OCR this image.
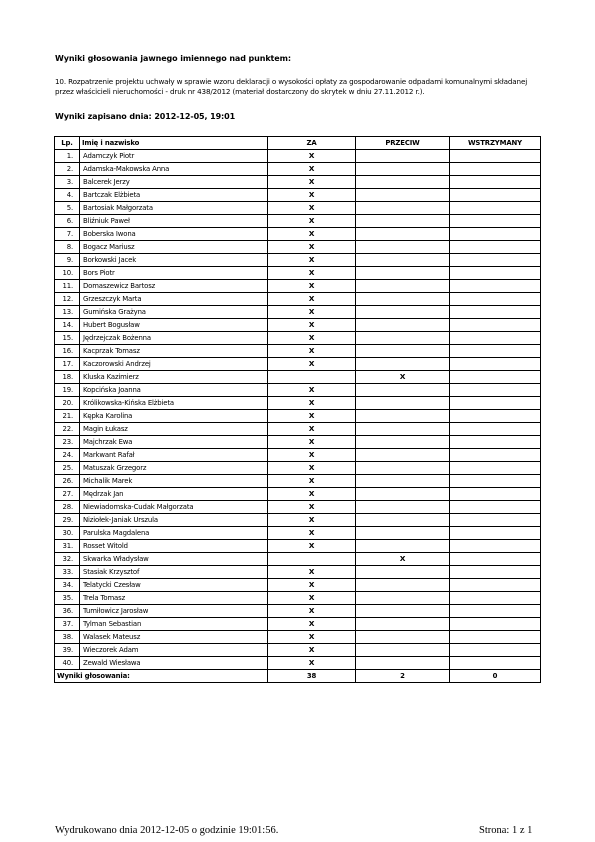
Wyniki głosowania jawnego imiennego nad punktem:
10. Rozpatrzenie projektu uchwały w sprawie wzoru deklaracji o wysokości opłaty za gospodarowanie odpadami komunalnymi składanej przez właścicieli nieruchomości - druk nr 438/2012 (materiał dostarczony do skrytek w dniu 27.11.2012 r.).
Wyniki zapisano dnia: 2012-12-05, 19:01
Lp.	Imię i nazwisko	ZA	PRZECIW	WSTRZYMANY
1.	Adamczyk Piotr	X		
2.	Adamska-Makowska Anna	X		
3.	Balcerek Jerzy	X		
4.	Bartczak Elżbieta	X		
5.	Bartosiak Małgorzata	X		
6.	Bliźniuk Paweł	X		
7.	Boberska Iwona	X		
8.	Bogacz Mariusz	X		
9.	Borkowski Jacek	X		
10.	Bors Piotr	X		
11.	Domaszewicz Bartosz	X		
12.	Grzeszczyk Marta	X		
13.	Gumińska Grażyna	X		
14.	Hubert Bogusław	X		
15.	Jędrzejczak Bożenna	X		
16.	Kacprzak Tomasz	X		
17.	Kaczorowski Andrzej	X		
18.	Kluska Kazimierz		X	
19.	Kopcińska Joanna	X		
20.	Królikowska-Kińska Elżbieta	X		
21.	Kępka Karolina	X		
22.	Magin Łukasz	X		
23.	Majchrzak Ewa	X		
24.	Markwant Rafał	X		
25.	Matuszak Grzegorz	X		
26.	Michalik Marek	X		
27.	Mędrzak Jan	X		
28.	Niewiadomska-Cudak Małgorzata	X		
29.	Niziołek-Janiak Urszula	X		
30.	Parulska Magdalena	X		
31.	Rosset Witold	X		
32.	Skwarka Władysław		X	
33.	Stasiak Krzysztof	X		
34.	Telatycki Czesław	X		
35.	Trela Tomasz	X		
36.	Tumiłowicz Jarosław	X		
37.	Tylman Sebastian	X		
38.	Walasek Mateusz	X		
39.	Wieczorek Adam	X		
40.	Zewald Wiesława	X		
Wyniki głosowania:		38	2	0
Wydrukowano dnia 2012-12-05 o godzinie 19:01:56.	Strona: 1 z 1
